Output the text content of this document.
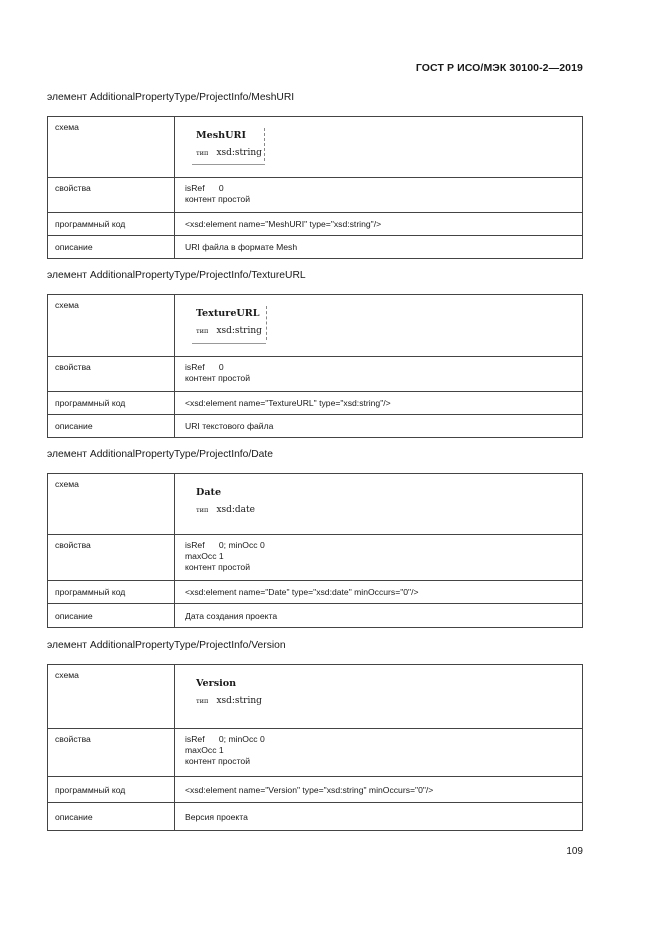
ГОСТ Р ИСО/МЭК 30100-2—2019
элемент AdditionalPropertyType/ProjectInfo/MeshURI
схема	MeshURI
тип xsd:string

свойства	isRef      0
контент простой

программный код	<xsd:element name="MeshURI" type="xsd:string"/>
описание	URI файла в формате Mesh
элемент AdditionalPropertyType/ProjectInfo/TextureURL
схема	TextureURL
тип xsd:string

свойства	isRef      0
контент простой

программный код	<xsd:element name="TextureURL" type="xsd:string"/>
описание	URI текстового файла
элемент AdditionalPropertyType/ProjectInfo/Date
схема	Date
тип xsd:date

свойства	isRef      0; minOcc 0
maxOcc 1
контент простой

программный код	<xsd:element name="Date" type="xsd:date" minOccurs="0"/>
описание	Дата создания проекта
элемент AdditionalPropertyType/ProjectInfo/Version
схема	Version
тип xsd:string

свойства	isRef      0; minOcc 0
maxOcc 1
контент простой

программный код	<xsd:element name="Version" type="xsd:string" minOccurs="0"/>
описание	Версия проекта
109
